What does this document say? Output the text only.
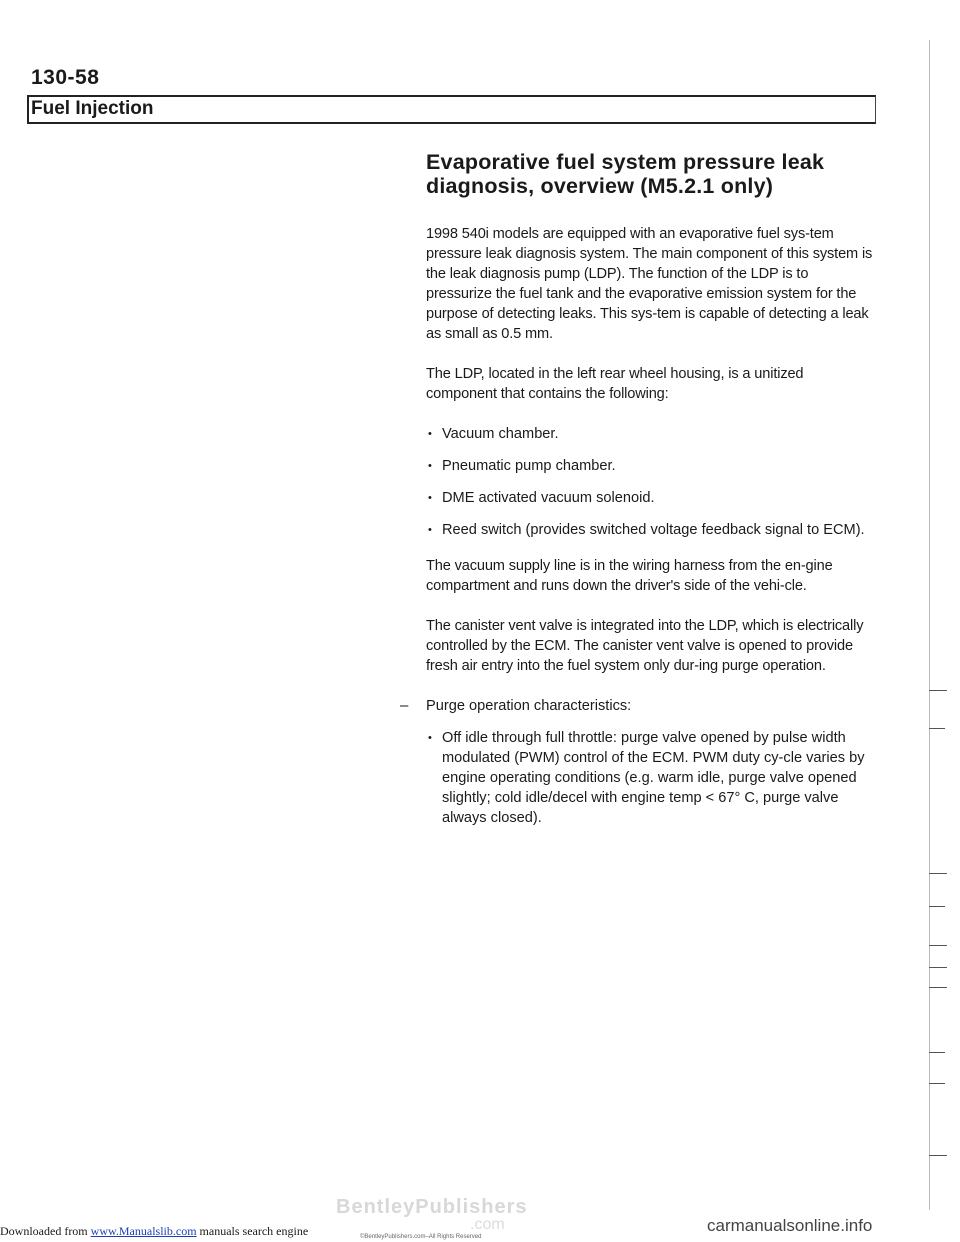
130-58
Fuel Injection
Evaporative fuel system pressure leak
diagnosis, overview (M5.2.1 only)

1998 540i models are equipped with an evaporative fuel sys-tem pressure leak diagnosis system. The main component of this system is the leak diagnosis pump (LDP). The function of the LDP is to pressurize the fuel tank and the evaporative emission system for the purpose of detecting leaks. This sys-tem is capable of detecting a leak as small as 0.5 mm.

The LDP, located in the left rear wheel housing, is a unitized component that contains the following:

• Vacuum chamber.
• Pneumatic pump chamber.
• DME activated vacuum solenoid.
• Reed switch (provides switched voltage feedback signal to ECM).

The vacuum supply line is in the wiring harness from the en-gine compartment and runs down the driver's side of the vehi-cle.

The canister vent valve is integrated into the LDP, which is electrically controlled by the ECM. The canister vent valve is opened to provide fresh air entry into the fuel system only dur-ing purge operation.

– Purge operation characteristics:
• Off idle through full throttle: purge valve opened by pulse width modulated (PWM) control of the ECM. PWM duty cy-cle varies by engine operating conditions (e.g. warm idle, purge valve opened slightly; cold idle/decel with engine temp < 67° C, purge valve always closed).
BentleyPublishers
.com
©BentleyPublishers.com–All Rights Reserved
Downloaded from www.Manualslib.com manuals search engine	carmanualsonline.info
